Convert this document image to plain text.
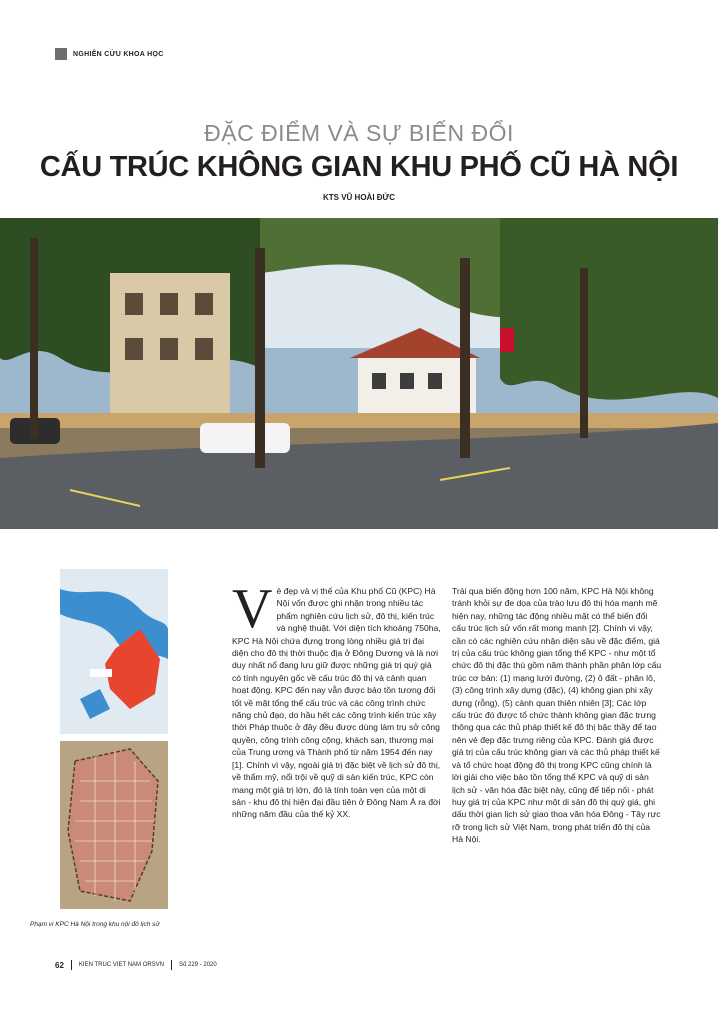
NGHIÊN CỨU KHOA HỌC
ĐẶC ĐIỂM VÀ SỰ BIẾN ĐỔI
CẤU TRÚC KHÔNG GIAN KHU PHỐ CŨ HÀ NỘI
KTS VŨ HOÀI ĐỨC
Phạm vi KPC Hà Nội trong khu nội đô lịch sử
V ẻ đẹp và vị thế của Khu phố Cũ (KPC) Hà Nội vốn được ghi nhận trong nhiều tác phẩm nghiên cứu lịch sử, đô thị, kiến trúc và nghệ thuật. Với diện tích khoảng 750ha, KPC Hà Nội chứa đựng trong lòng nhiều giá trị đại diện cho đô thị thời thuộc địa ở Đông Dương và là nơi duy nhất nổ đang lưu giữ được những giá trị quý giá có tính nguyên gốc về cấu trúc đô thị và cảnh quan hoạt động. KPC đến nay vẫn được bảo tồn tương đối tốt về mặt tổng thể cấu trúc và các công trình chức năng chủ đạo, do hầu hết các công trình kiến trúc xây thời Pháp thuộc ở đây đều được dùng làm trụ sở công quyền, công trình công cộng, khách sạn, thương mại của Trung ương và Thành phố từ năm 1954 đến nay [1]. Chính vì vậy, ngoài giá trị đặc biệt về lịch sử đô thị, về thẩm mỹ, nổi trội về quỹ di sản kiến trúc, KPC còn mang một giá trị lớn, đó là tính toàn vẹn của một di sản - khu đô thị hiện đại đầu tiên ở Đông Nam Á ra đời những năm đầu của thế kỷ XX.
Trải qua biến động hơn 100 năm, KPC Hà Nội không tránh khỏi sự đe dọa của trào lưu đô thị hóa mạnh mẽ hiện nay, những tác động nhiều mặt có thể biến đổi cấu trúc lịch sử vốn rất mong manh [2]. Chính vì vậy, cần có các nghiên cứu nhận diện sâu về đặc điểm, giá trị của cấu trúc không gian tổng thể KPC - như một tổ chức đô thị đặc thù gồm năm thành phần phân lớp cấu trúc cơ bản: (1) mạng lưới đường, (2) ô đất - phân lô, (3) công trình xây dựng (đặc), (4) không gian phi xây dựng (rỗng), (5) cảnh quan thiên nhiên [3]; Các lớp cấu trúc đó được tổ chức thành không gian đặc trưng thông qua các thủ pháp thiết kế đô thị bậc thầy để tạo nên vẻ đẹp đặc trưng riêng của KPC. Đánh giá được giá trị của cấu trúc không gian và các thủ pháp thiết kế và tổ chức hoạt động đô thị trong KPC cũng chính là lời giải cho việc bảo tồn tổng thể KPC và quỹ di sản lịch sử - văn hóa đặc biệt này, cũng để tiếp nối - phát huy giá trị của KPC như một di sản đô thị quý giá, ghi dấu thời gian lịch sử giao thoa văn hóa Đông - Tây rực rỡ trong lịch sử Việt Nam, trong phát triển đô thị của Hà Nội.
62	KIEN TRUC VIET NAM ORSVN	Số 229 - 2020
